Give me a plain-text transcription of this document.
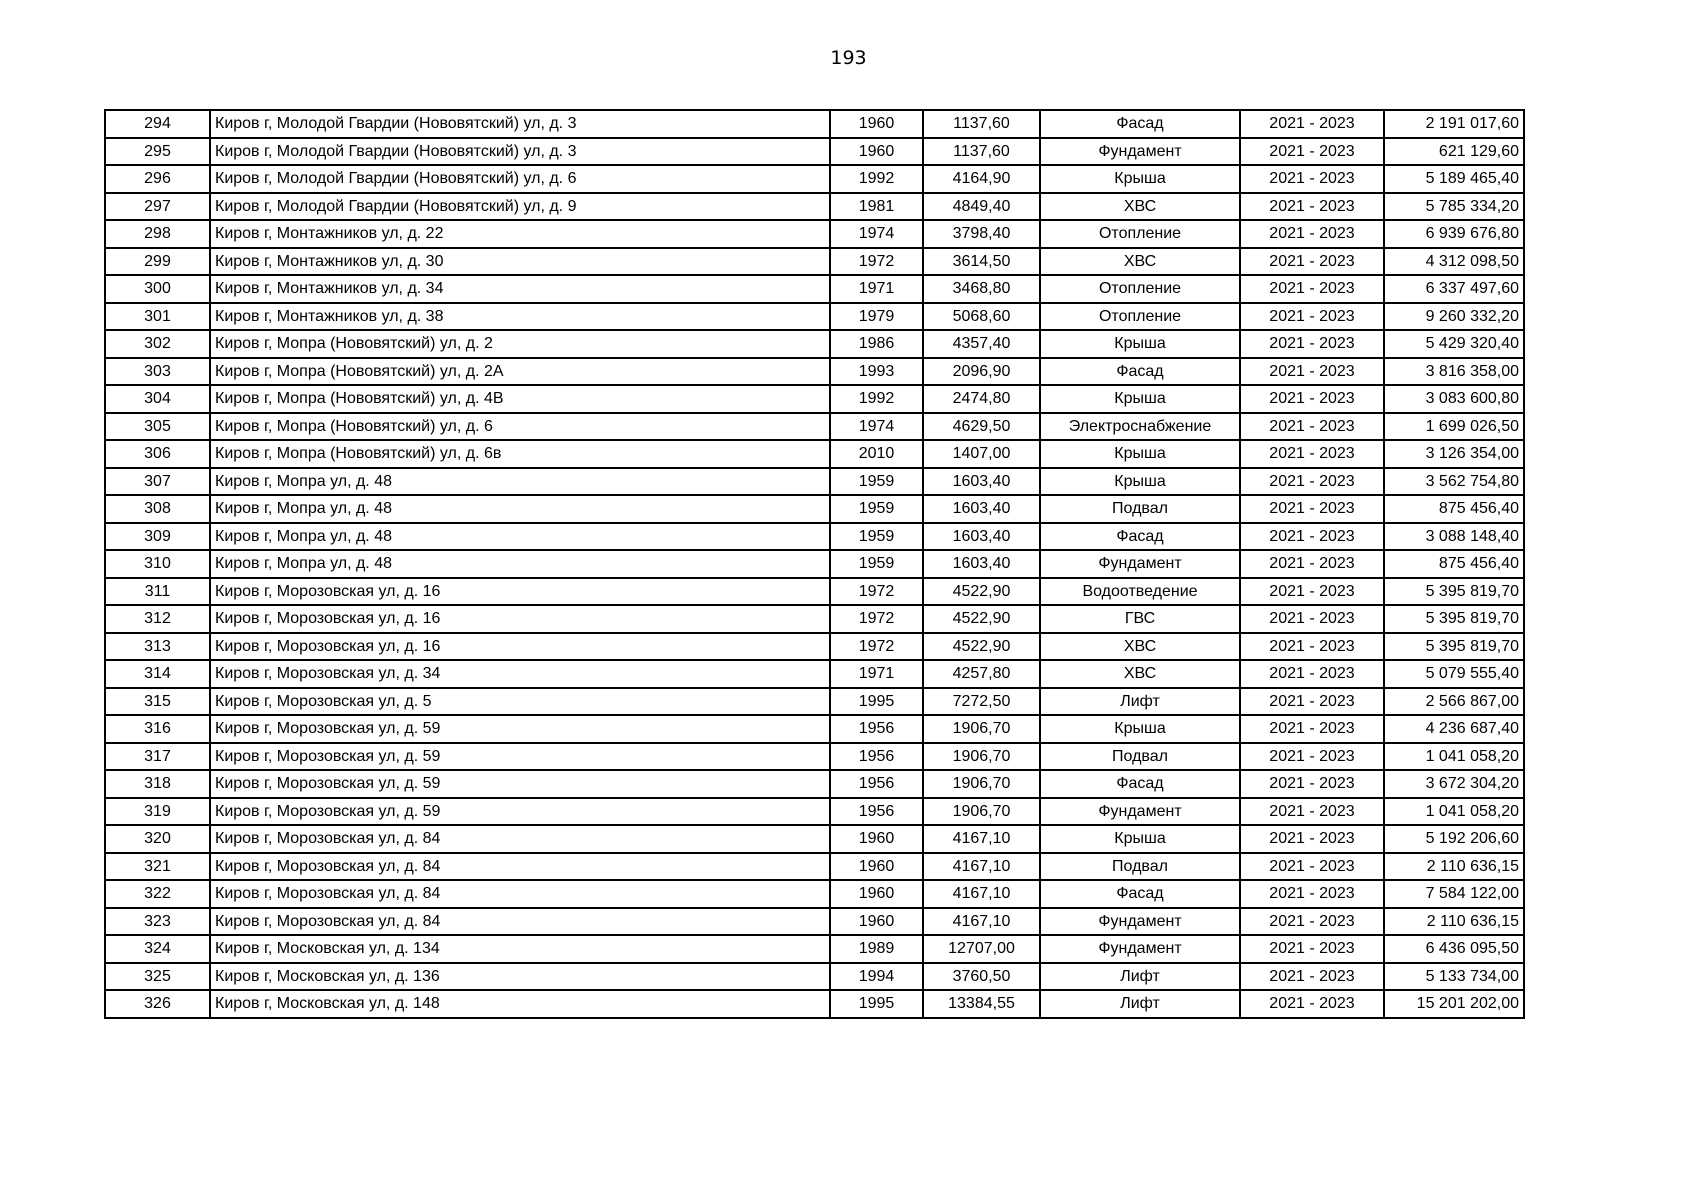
193
294	Киров г, Молодой Гвардии (Нововятский) ул, д. 3	1960	1137,60	Фасад	2021 - 2023	2 191 017,60
295	Киров г, Молодой Гвардии (Нововятский) ул, д. 3	1960	1137,60	Фундамент	2021 - 2023	621 129,60
296	Киров г, Молодой Гвардии (Нововятский) ул, д. 6	1992	4164,90	Крыша	2021 - 2023	5 189 465,40
297	Киров г, Молодой Гвардии (Нововятский) ул, д. 9	1981	4849,40	ХВС	2021 - 2023	5 785 334,20
298	Киров г, Монтажников ул, д. 22	1974	3798,40	Отопление	2021 - 2023	6 939 676,80
299	Киров г, Монтажников ул, д. 30	1972	3614,50	ХВС	2021 - 2023	4 312 098,50
300	Киров г, Монтажников ул, д. 34	1971	3468,80	Отопление	2021 - 2023	6 337 497,60
301	Киров г, Монтажников ул, д. 38	1979	5068,60	Отопление	2021 - 2023	9 260 332,20
302	Киров г, Мопра (Нововятский) ул, д. 2	1986	4357,40	Крыша	2021 - 2023	5 429 320,40
303	Киров г, Мопра (Нововятский) ул, д. 2А	1993	2096,90	Фасад	2021 - 2023	3 816 358,00
304	Киров г, Мопра (Нововятский) ул, д. 4В	1992	2474,80	Крыша	2021 - 2023	3 083 600,80
305	Киров г, Мопра (Нововятский) ул, д. 6	1974	4629,50	Электроснабжение	2021 - 2023	1 699 026,50
306	Киров г, Мопра (Нововятский) ул, д. 6в	2010	1407,00	Крыша	2021 - 2023	3 126 354,00
307	Киров г, Мопра ул, д. 48	1959	1603,40	Крыша	2021 - 2023	3 562 754,80
308	Киров г, Мопра ул, д. 48	1959	1603,40	Подвал	2021 - 2023	875 456,40
309	Киров г, Мопра ул, д. 48	1959	1603,40	Фасад	2021 - 2023	3 088 148,40
310	Киров г, Мопра ул, д. 48	1959	1603,40	Фундамент	2021 - 2023	875 456,40
311	Киров г, Морозовская ул, д. 16	1972	4522,90	Водоотведение	2021 - 2023	5 395 819,70
312	Киров г, Морозовская ул, д. 16	1972	4522,90	ГВС	2021 - 2023	5 395 819,70
313	Киров г, Морозовская ул, д. 16	1972	4522,90	ХВС	2021 - 2023	5 395 819,70
314	Киров г, Морозовская ул, д. 34	1971	4257,80	ХВС	2021 - 2023	5 079 555,40
315	Киров г, Морозовская ул, д. 5	1995	7272,50	Лифт	2021 - 2023	2 566 867,00
316	Киров г, Морозовская ул, д. 59	1956	1906,70	Крыша	2021 - 2023	4 236 687,40
317	Киров г, Морозовская ул, д. 59	1956	1906,70	Подвал	2021 - 2023	1 041 058,20
318	Киров г, Морозовская ул, д. 59	1956	1906,70	Фасад	2021 - 2023	3 672 304,20
319	Киров г, Морозовская ул, д. 59	1956	1906,70	Фундамент	2021 - 2023	1 041 058,20
320	Киров г, Морозовская ул, д. 84	1960	4167,10	Крыша	2021 - 2023	5 192 206,60
321	Киров г, Морозовская ул, д. 84	1960	4167,10	Подвал	2021 - 2023	2 110 636,15
322	Киров г, Морозовская ул, д. 84	1960	4167,10	Фасад	2021 - 2023	7 584 122,00
323	Киров г, Морозовская ул, д. 84	1960	4167,10	Фундамент	2021 - 2023	2 110 636,15
324	Киров г, Московская ул, д. 134	1989	12707,00	Фундамент	2021 - 2023	6 436 095,50
325	Киров г, Московская ул, д. 136	1994	3760,50	Лифт	2021 - 2023	5 133 734,00
326	Киров г, Московская ул, д. 148	1995	13384,55	Лифт	2021 - 2023	15 201 202,00
